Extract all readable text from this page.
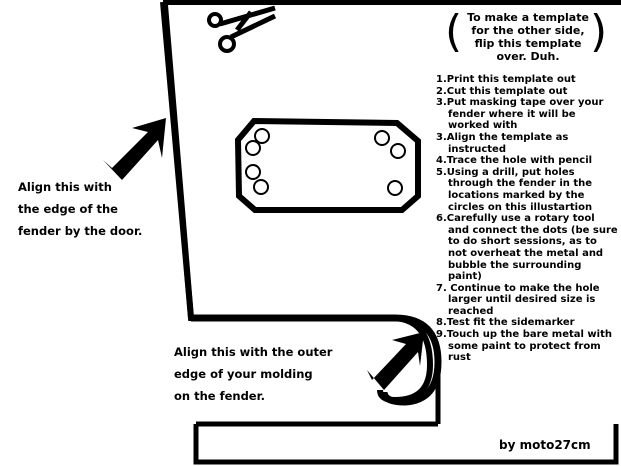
(	)
To make a template
for the other side,
flip this template
over. Duh.

1.Print this template out

2.Cut this template out

3.Put masking tape over your fender where it will be worked with

3.Align the template as instructed

4.Trace the hole with pencil

5.Using a drill, put holes through the fender in the locations marked by the circles on this illustartion

6.Carefully use a rotary tool and connect the dots (be sure to do short sessions, as to not overheat the metal and bubble the surrounding paint)

7. Continue to make the hole larger until desired size is reached

8.Test fit the sidemarker

9.Touch up the bare metal with some paint to protect from rust

Align this with
the edge of the
fender by the door.
Align this with the outer
edge of your molding
on the fender.
by moto27cm
